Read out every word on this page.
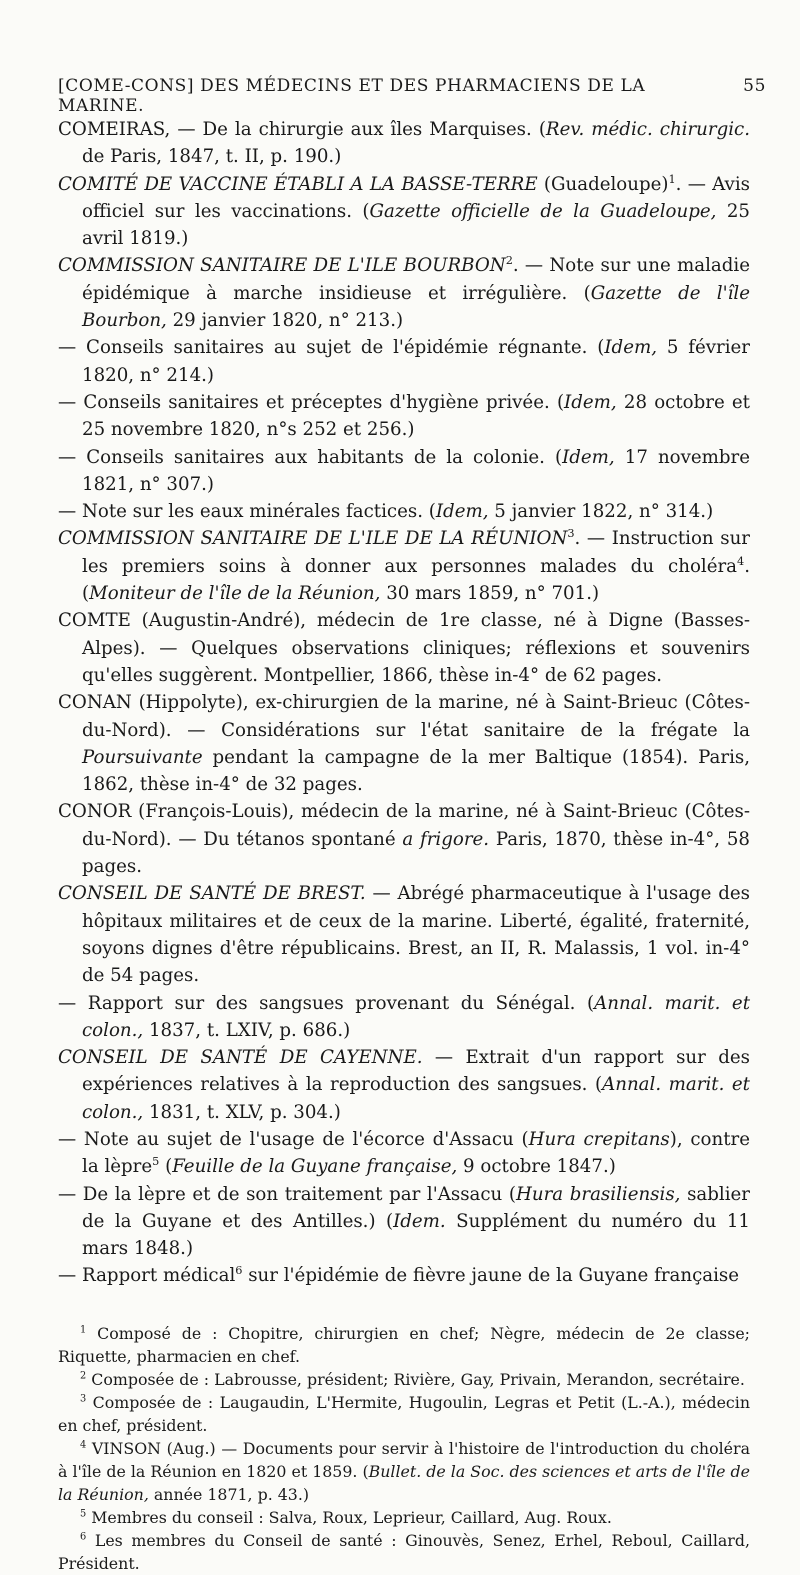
[COME-CONS] DES MÉDECINS ET DES PHARMACIENS DE LA MARINE.
55

COMEIRAS, — De la chirurgie aux îles Marquises. (Rev. médic. chirurgic. de Paris, 1847, t. II, p. 190.)

COMITÉ DE VACCINE ÉTABLI A LA BASSE-TERRE (Guadeloupe)$^1$. — Avis officiel sur les vaccinations. (Gazette officielle de la Guadeloupe, 25 avril 1819.)

COMMISSION SANITAIRE DE L'ILE BOURBON$^2$. — Note sur une maladie épidémique à marche insidieuse et irrégulière. (Gazette de l'île Bourbon, 29 janvier 1820, n° 213.)

— Conseils sanitaires au sujet de l'épidémie régnante. (Idem, 5 février 1820, n° 214.)

— Conseils sanitaires et préceptes d'hygiène privée. (Idem, 28 octobre et 25 novembre 1820, n°s 252 et 256.)

— Conseils sanitaires aux habitants de la colonie. (Idem, 17 novembre 1821, n° 307.)

— Note sur les eaux minérales factices. (Idem, 5 janvier 1822, n° 314.)

COMMISSION SANITAIRE DE L'ILE DE LA RÉUNION$^3$. — Instruction sur les premiers soins à donner aux personnes malades du choléra$^4$. (Moniteur de l'île de la Réunion, 30 mars 1859, n° 701.)

COMTE (Augustin-André), médecin de 1re classe, né à Digne (Basses-Alpes). — Quelques observations cliniques; réflexions et souvenirs qu'elles suggèrent. Montpellier, 1866, thèse in-4° de 62 pages.

CONAN (Hippolyte), ex-chirurgien de la marine, né à Saint-Brieuc (Côtes-du-Nord). — Considérations sur l'état sanitaire de la frégate la Poursuivante pendant la campagne de la mer Baltique (1854). Paris, 1862, thèse in-4° de 32 pages.

CONOR (François-Louis), médecin de la marine, né à Saint-Brieuc (Côtes-du-Nord). — Du tétanos spontané a frigore. Paris, 1870, thèse in-4°, 58 pages.

CONSEIL DE SANTÉ DE BREST. — Abrégé pharmaceutique à l'usage des hôpitaux militaires et de ceux de la marine. Liberté, égalité, fraternité, soyons dignes d'être républicains. Brest, an II, R. Malassis, 1 vol. in-4° de 54 pages.

— Rapport sur des sangsues provenant du Sénégal. (Annal. marit. et colon., 1837, t. LXIV, p. 686.)

CONSEIL DE SANTÉ DE CAYENNE. — Extrait d'un rapport sur des expériences relatives à la reproduction des sangsues. (Annal. marit. et colon., 1831, t. XLV, p. 304.)

— Note au sujet de l'usage de l'écorce d'Assacu (Hura crepitans), contre la lèpre$^5$ (Feuille de la Guyane française, 9 octobre 1847.)

— De la lèpre et de son traitement par l'Assacu (Hura brasiliensis, sablier de la Guyane et des Antilles.) (Idem. Supplément du numéro du 11 mars 1848.)

— Rapport médical$^6$ sur l'épidémie de fièvre jaune de la Guyane française

$^1$ Composé de : Chopitre, chirurgien en chef; Nègre, médecin de 2e classe; Riquette, pharmacien en chef.

$^2$ Composée de : Labrousse, président; Rivière, Gay, Privain, Merandon, secrétaire.

$^3$ Composée de : Laugaudin, L'Hermite, Hugoulin, Legras et Petit (L.-A.), médecin en chef, président.

$^4$ VINSON (Aug.) — Documents pour servir à l'histoire de l'introduction du choléra à l'île de la Réunion en 1820 et 1859. (Bullet. de la Soc. des sciences et arts de l'île de la Réunion, année 1871, p. 43.)

$^5$ Membres du conseil : Salva, Roux, Leprieur, Caillard, Aug. Roux.

$^6$ Les membres du Conseil de santé : Ginouvès, Senez, Erhel, Reboul, Caillard, Président.
